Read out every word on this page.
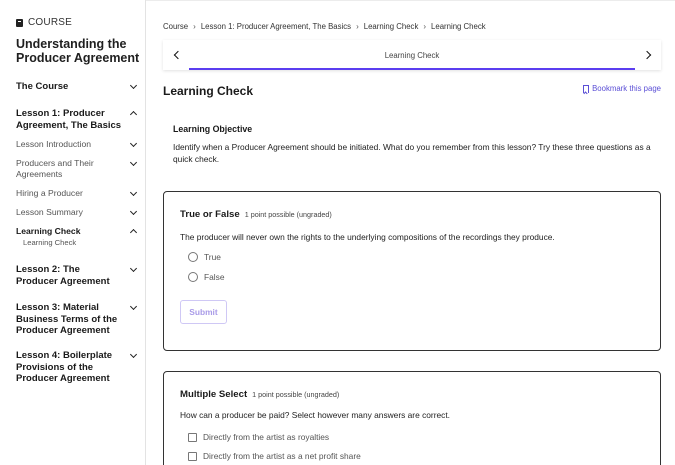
COURSE
Understanding the Producer Agreement
The Course
Lesson 1: Producer Agreement, The Basics
Lesson Introduction
Producers and Their Agreements
Hiring a Producer
Lesson Summary
Learning Check
Learning Check
Lesson 2: The Producer Agreement
Lesson 3: Material Business Terms of the Producer Agreement
Lesson 4: Boilerplate Provisions of the Producer Agreement
Course › Lesson 1: Producer Agreement, The Basics › Learning Check › Learning Check
Learning Check
Learning Check	Bookmark this page
Learning Objective
Identify when a Producer Agreement should be initiated. What do you remember from this lesson? Try these three questions as a quick check.
True or False 1 point possible (ungraded)
The producer will never own the rights to the underlying compositions of the recordings they produce.
True
False
Submit
Multiple Select 1 point possible (ungraded)
How can a producer be paid? Select however many answers are correct.
Directly from the artist as royalties
Directly from the artist as a net profit share
